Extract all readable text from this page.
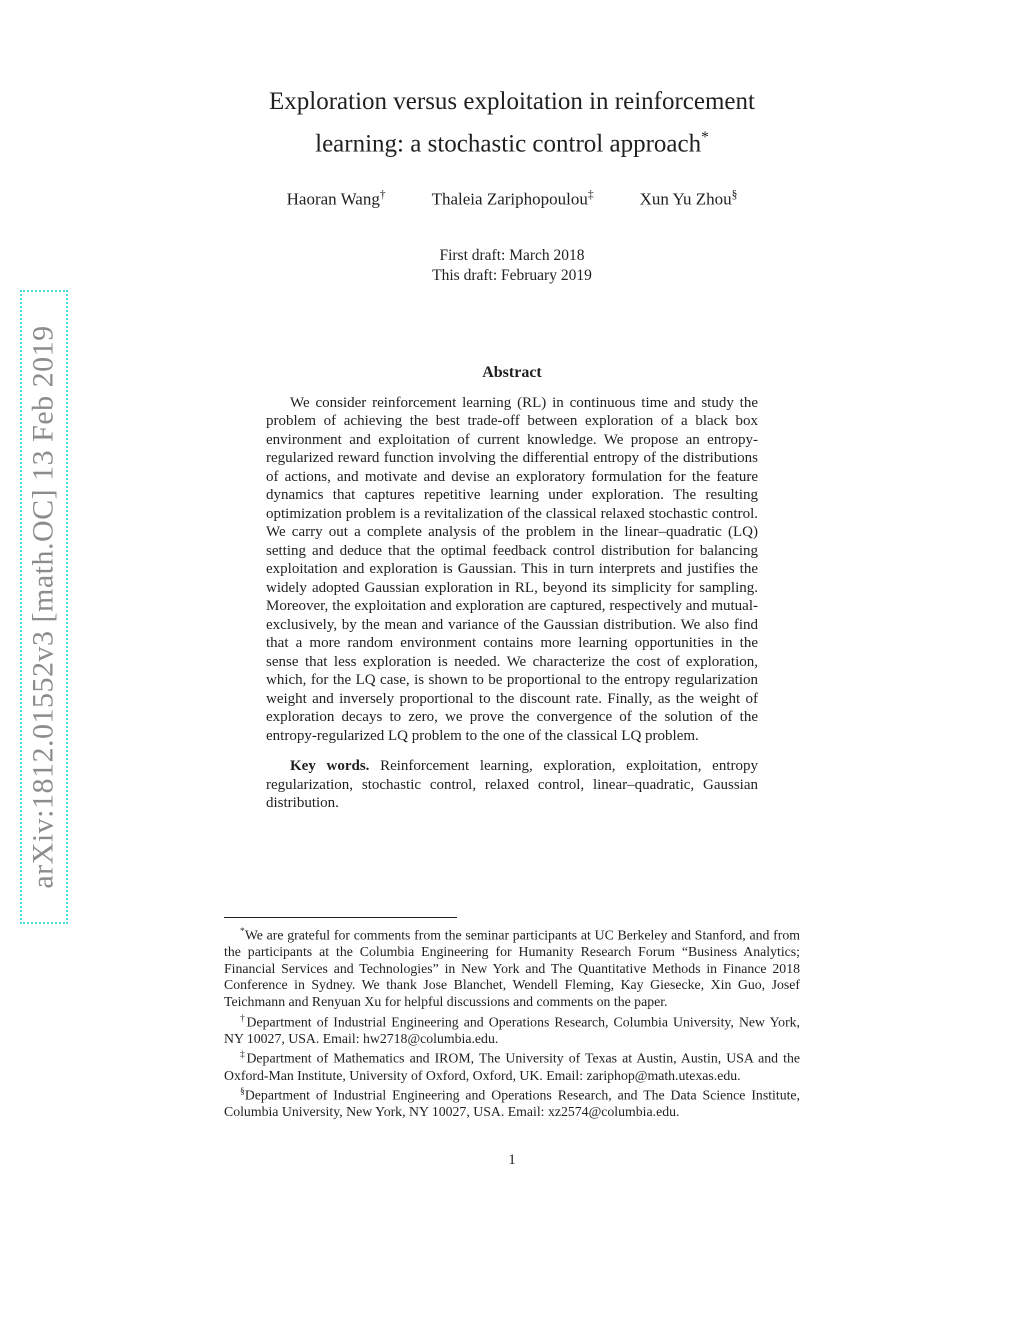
arXiv:1812.01552v3 [math.OC] 13 Feb 2019
Exploration versus exploitation in reinforcement
learning: a stochastic control approach*
Haoran Wang†	Thaleia Zariphopoulou‡	Xun Yu Zhou§
First draft: March 2018
This draft: February 2019
Abstract

We consider reinforcement learning (RL) in continuous time and study the problem of achieving the best trade-off between exploration of a black box environment and exploitation of current knowledge. We propose an entropy-regularized reward function involving the differential entropy of the distributions of actions, and motivate and devise an exploratory formulation for the feature dynamics that captures repetitive learning under exploration. The resulting optimization problem is a revitalization of the classical relaxed stochastic control. We carry out a complete analysis of the problem in the linear–quadratic (LQ) setting and deduce that the optimal feedback control distribution for balancing exploitation and exploration is Gaussian. This in turn interprets and justifies the widely adopted Gaussian exploration in RL, beyond its simplicity for sampling. Moreover, the exploitation and exploration are captured, respectively and mutual-exclusively, by the mean and variance of the Gaussian distribution. We also find that a more random environment contains more learning opportunities in the sense that less exploration is needed. We characterize the cost of exploration, which, for the LQ case, is shown to be proportional to the entropy regularization weight and inversely proportional to the discount rate. Finally, as the weight of exploration decays to zero, we prove the convergence of the solution of the entropy-regularized LQ problem to the one of the classical LQ problem.

Key words. Reinforcement learning, exploration, exploitation, entropy regularization, stochastic control, relaxed control, linear–quadratic, Gaussian distribution.

*We are grateful for comments from the seminar participants at UC Berkeley and Stanford, and from the participants at the Columbia Engineering for Humanity Research Forum “Business Analytics; Financial Services and Technologies” in New York and The Quantitative Methods in Finance 2018 Conference in Sydney. We thank Jose Blanchet, Wendell Fleming, Kay Giesecke, Xin Guo, Josef Teichmann and Renyuan Xu for helpful discussions and comments on the paper.

†Department of Industrial Engineering and Operations Research, Columbia University, New York, NY 10027, USA. Email: hw2718@columbia.edu.

‡Department of Mathematics and IROM, The University of Texas at Austin, Austin, USA and the Oxford-Man Institute, University of Oxford, Oxford, UK. Email: zariphop@math.utexas.edu.

§Department of Industrial Engineering and Operations Research, and The Data Science Institute, Columbia University, New York, NY 10027, USA. Email: xz2574@columbia.edu.

1
